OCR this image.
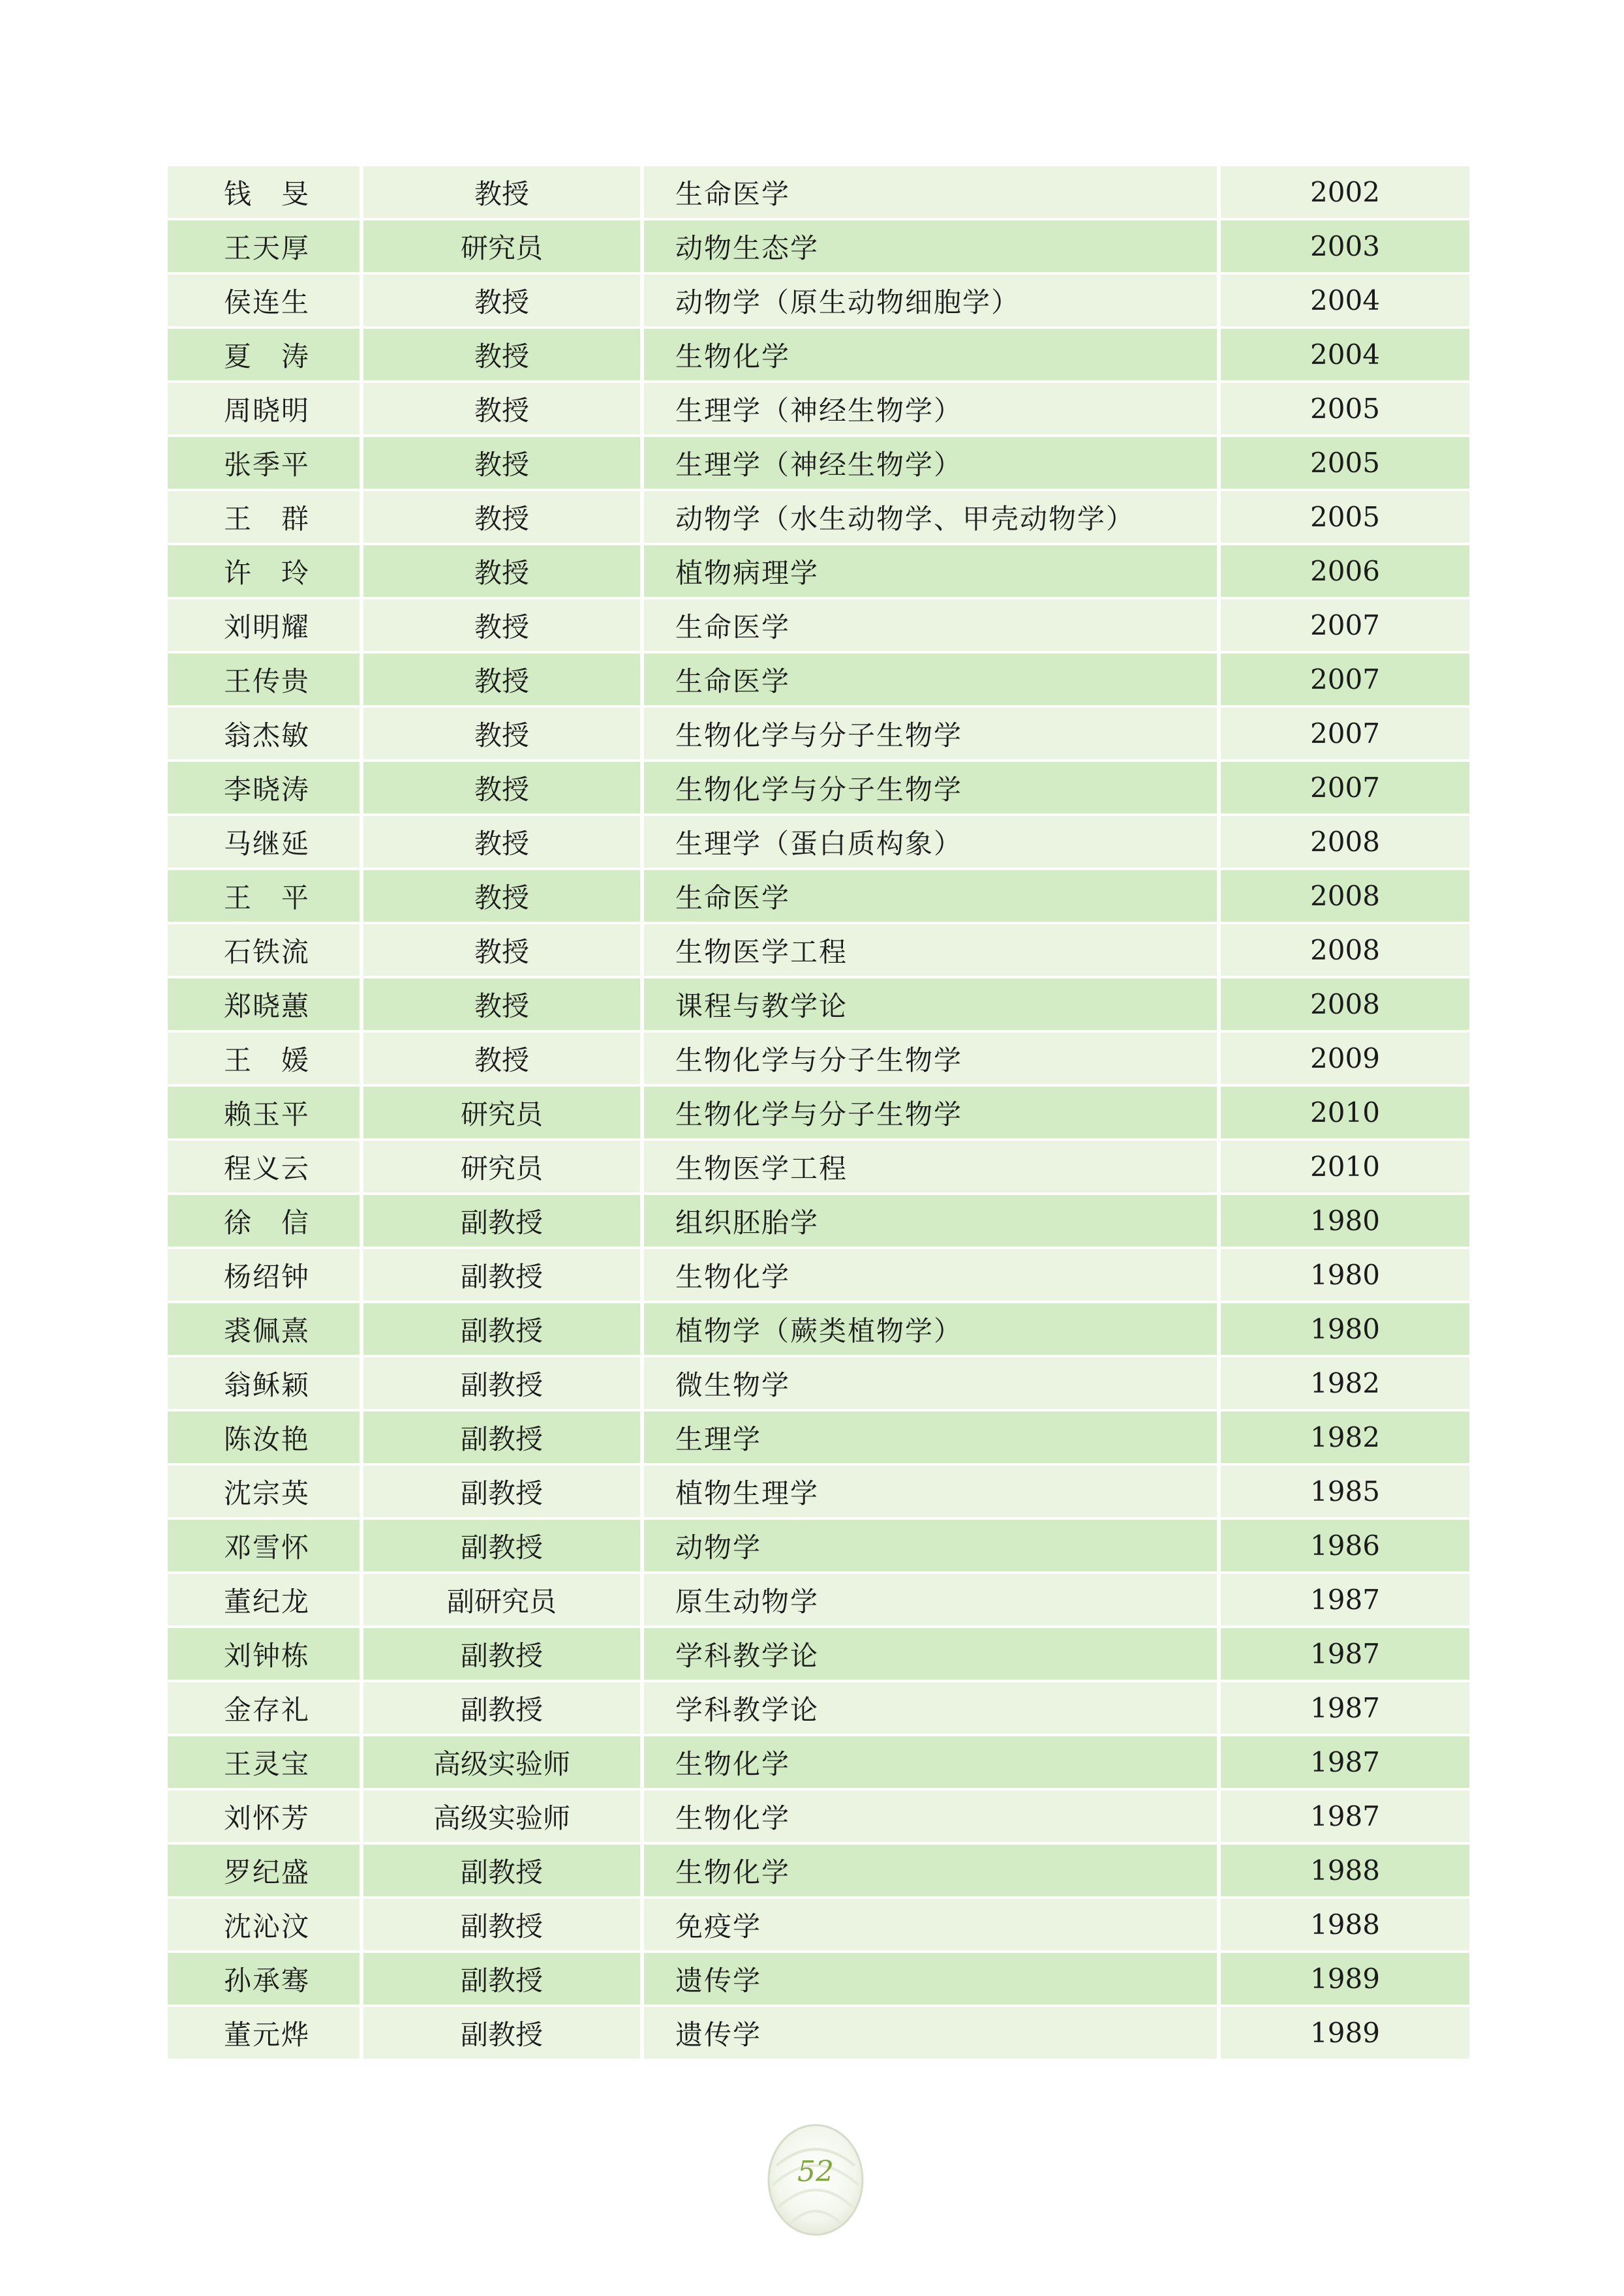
钱　旻	教授	生命医学	2002
王天厚	研究员	动物生态学	2003
侯连生	教授	动物学（原生动物细胞学）	2004
夏　涛	教授	生物化学	2004
周晓明	教授	生理学（神经生物学）	2005
张季平	教授	生理学（神经生物学）	2005
王　群	教授	动物学（水生动物学、甲壳动物学）	2005
许　玲	教授	植物病理学	2006
刘明耀	教授	生命医学	2007
王传贵	教授	生命医学	2007
翁杰敏	教授	生物化学与分子生物学	2007
李晓涛	教授	生物化学与分子生物学	2007
马继延	教授	生理学（蛋白质构象）	2008
王　平	教授	生命医学	2008
石铁流	教授	生物医学工程	2008
郑晓蕙	教授	课程与教学论	2008
王　媛	教授	生物化学与分子生物学	2009
赖玉平	研究员	生物化学与分子生物学	2010
程义云	研究员	生物医学工程	2010
徐　信	副教授	组织胚胎学	1980
杨绍钟	副教授	生物化学	1980
裘佩熹	副教授	植物学（蕨类植物学）	1980
翁稣颖	副教授	微生物学	1982
陈汝艳	副教授	生理学	1982
沈宗英	副教授	植物生理学	1985
邓雪怀	副教授	动物学	1986
董纪龙	副研究员	原生动物学	1987
刘钟栋	副教授	学科教学论	1987
金存礼	副教授	学科教学论	1987
王灵宝	高级实验师	生物化学	1987
刘怀芳	高级实验师	生物化学	1987
罗纪盛	副教授	生物化学	1988
沈沁汶	副教授	免疫学	1988
孙承骞	副教授	遗传学	1989
董元烨	副教授	遗传学	1989
52
